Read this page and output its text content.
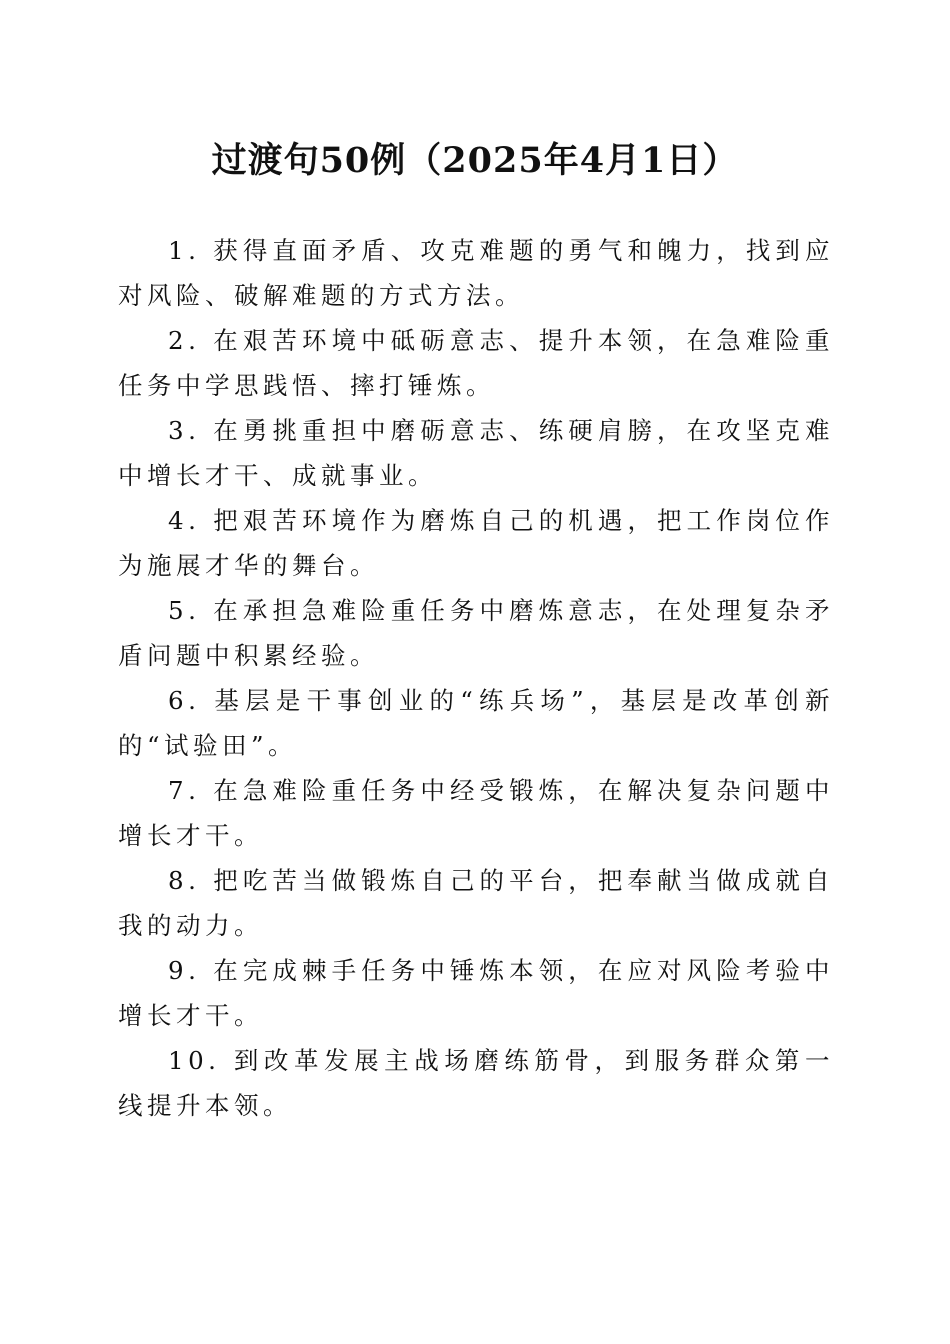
过渡句50例（2025年4月1日）

1. 获得直面矛盾、攻克难题的勇气和魄力，找到应对风险、破解难题的方式方法。

2. 在艰苦环境中砥砺意志、提升本领，在急难险重任务中学思践悟、摔打锤炼。

3. 在勇挑重担中磨砺意志、练硬肩膀，在攻坚克难中增长才干、成就事业。

4. 把艰苦环境作为磨炼自己的机遇，把工作岗位作为施展才华的舞台。

5. 在承担急难险重任务中磨炼意志，在处理复杂矛盾问题中积累经验。

6. 基层是干事创业的“练兵场”，基层是改革创新的“试验田”。

7. 在急难险重任务中经受锻炼，在解决复杂问题中增长才干。

8. 把吃苦当做锻炼自己的平台，把奉献当做成就自我的动力。

9. 在完成棘手任务中锤炼本领，在应对风险考验中增长才干。

10. 到改革发展主战场磨练筋骨，到服务群众第一线提升本领。
